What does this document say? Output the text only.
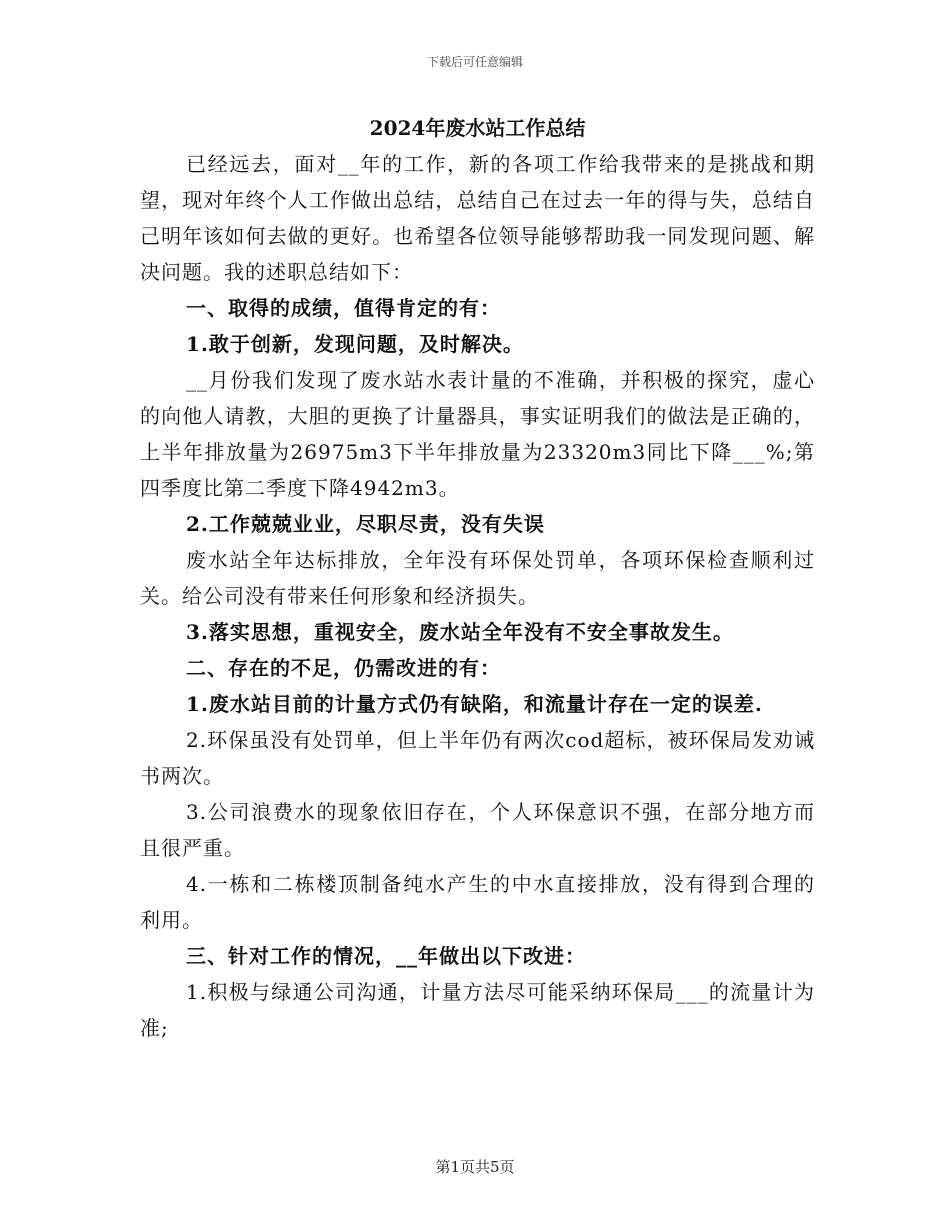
下载后可任意编辑
2024年废水站工作总结

已经远去，面对__年的工作，新的各项工作给我带来的是挑战和期望，现对年终个人工作做出总结，总结自己在过去一年的得与失，总结自己明年该如何去做的更好。也希望各位领导能够帮助我一同发现问题、解决问题。我的述职总结如下：

一、取得的成绩，值得肯定的有：

1.敢于创新，发现问题，及时解决。

__月份我们发现了废水站水表计量的不准确，并积极的探究，虚心的向他人请教，大胆的更换了计量器具，事实证明我们的做法是正确的，上半年排放量为26975m3下半年排放量为23320m3同比下降___%;第四季度比第二季度下降4942m3。

2.工作兢兢业业，尽职尽责，没有失误

废水站全年达标排放，全年没有环保处罚单，各项环保检查顺利过关。给公司没有带来任何形象和经济损失。

3.落实思想，重视安全，废水站全年没有不安全事故发生。

二、存在的不足，仍需改进的有：

1.废水站目前的计量方式仍有缺陷，和流量计存在一定的误差.

2.环保虽没有处罚单，但上半年仍有两次cod超标，被环保局发劝诫书两次。

3.公司浪费水的现象依旧存在，个人环保意识不强，在部分地方而且很严重。

4.一栋和二栋楼顶制备纯水产生的中水直接排放，没有得到合理的利用。

三、针对工作的情况，__年做出以下改进：

1.积极与绿通公司沟通，计量方法尽可能采纳环保局___的流量计为准;

第1页共5页
